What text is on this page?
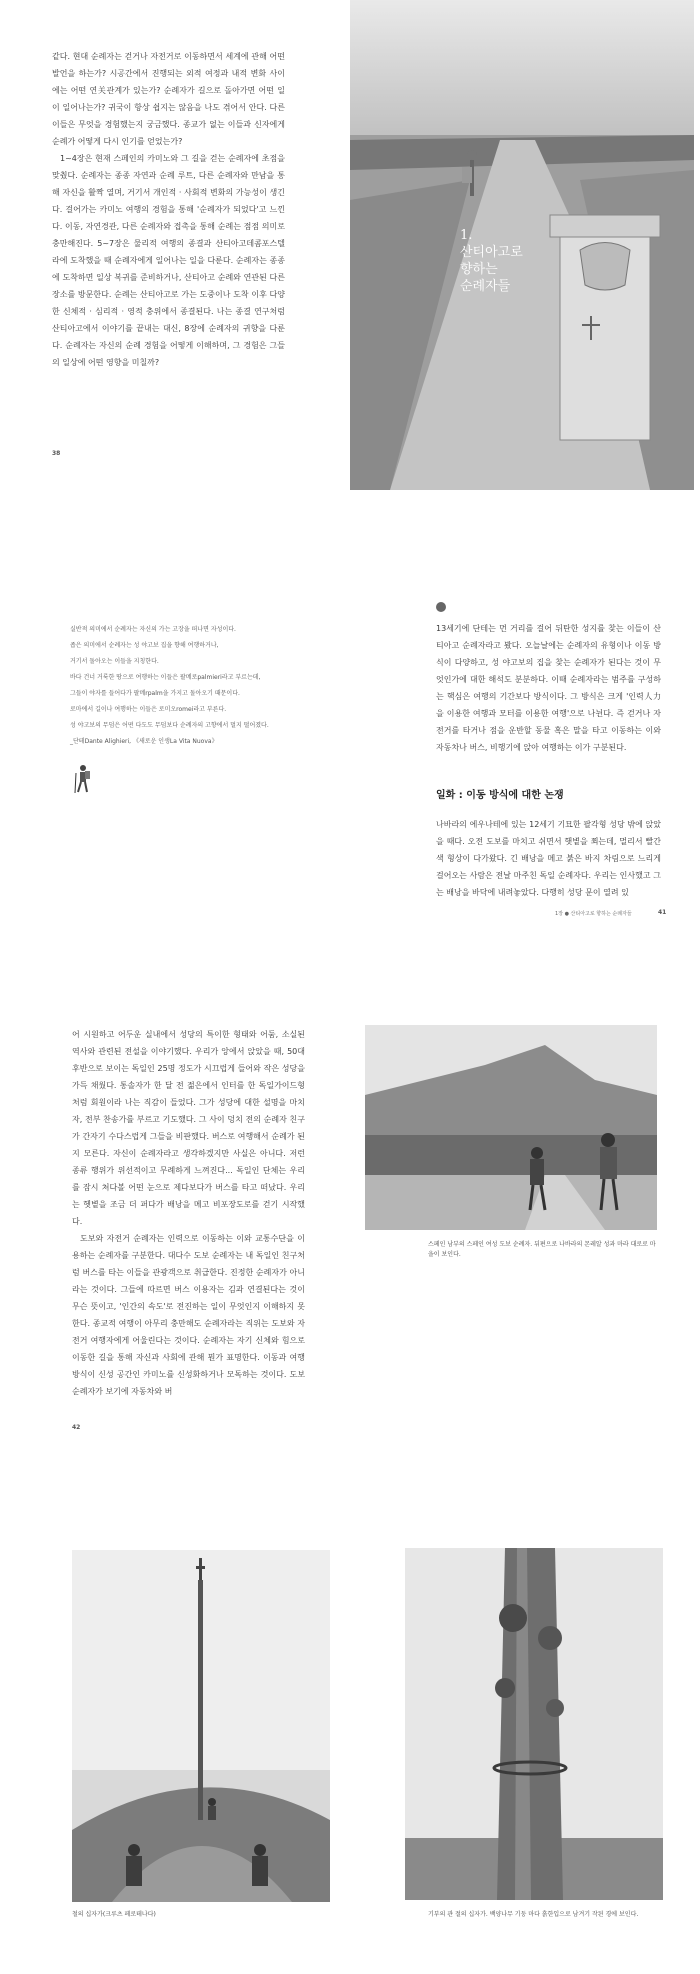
같다. 현대 순례자는 걷거나 자전거로 이동하면서 세계에 관해 어떤 발언을 하는가? 시공간에서 진행되는 외적 여정과 내적 변화 사이에는 어떤 연关관계가 있는가? 순례자가 길으로 돌아가면 어떤 일이 일어나는가? 귀국이 항상 쉽지는 않음을 나도 겪어서 안다. 다른 이들은 무엇을 경험했는지 궁금했다. 종교가 없는 이들과 신자에게 순례가 어떻게 다시 인기를 얻었는가?

1~4장은 현재 스페인의 카미노와 그 길을 걷는 순례자에 초점을 맞췄다. 순례자는 종종 자연과 순례 루트, 다른 순례자와 만남을 통해 자신을 활짝 열며, 거기서 개인적 · 사회적 변화의 가능성이 생긴다. 걸어가는 카미노 여행의 경험을 통해 '순례자가 되었다'고 느낀다. 이동, 자연경관, 다른 순례자와 접촉을 통해 순례는 점점 의미로 충만해진다. 5~7장은 물리적 여행의 종결과 산티아고데콤포스텔라에 도착했을 때 순례자에게 일어나는 일을 다룬다. 순례자는 종종에 도착하면 일상 복귀를 준비하거나, 산티아고 순례와 연관된 다른 장소를 방문한다. 순례는 산티아고로 가는 도중이나 도착 이후 다양한 신체적 · 심리적 · 영적 충위에서 종결된다. 나는 종결 연구처럼 산티아고에서 이야기를 끝내는 대신, 8장에 순례자의 귀향을 다룬다. 순례자는 자신의 순례 경험을 어떻게 이해하며, 그 경험은 그들의 일상에 어떤 영향을 미칠까?

38
1.
산티아고로
향하는
순례자들

실반적 의미에서 순례자는 자신의 가는 고장을 떠나면 자성이다.

좁은 의미에서 순례자는 성 야고보 집을 향해 여행하거나,

거기서 돌아오는 이들을 지칭한다.

바다 건너 거룩한 땅으로 여행하는 이들은 팔메로palmieri라고 부르는데,

그들이 야자를 들어다가 팔메rpalm을 가지고 돌아오기 때문이다.

로마에서 길이나 여행하는 이들은 로미오romei라고 부른다.

성 야고보의 무덤은 어떤 다도도 무덤보다 순례자의 고향에서 멀지 떨어졌다.

_단테Dante Alighieri, 《새로운 인생La Vita Nuova》

13세기에 단테는 먼 거리를 걸어 뒤탄한 성지를 찾는 이들이 산티아고 순례자라고 봤다. 오늘날에는 순례자의 유형이나 이동 방식이 다양하고, 성 야고보의 집을 찾는 순례자가 된다는 것이 무엇인가에 대한 해석도 분분하다. 이때 순례자라는 범주를 구성하는 핵심은 여행의 기간보다 방식이다. 그 방식은 크게 '인력人力을 이용한 여행과 모터를 이용한 여행'으로 나뉜다. 즉 걷거나 자전거를 타거나 점을 운반할 동물 혹은 말을 타고 이동하는 이와 자동차나 버스, 비행기에 앉아 여행하는 이가 구분된다.
일화 : 이동 방식에 대한 논쟁
나바라의 에우나테에 있는 12세기 기묘한 팔각형 성당 밖에 앉았을 때다. 오전 도보를 마치고 쉬면서 햇볕을 쬐는데, 멀리서 빨간색 형상이 다가왔다. 긴 배낭을 메고 붉은 바지 차림으로 느리게 걸어오는 사람은 전날 마주친 독일 순례자다. 우리는 인사했고 그는 배낭을 바닥에 내려놓았다. 다행히 성당 문이 열려 있
1장 ● 산티아고로 향하는 순례자들	41

어 시원하고 어두운 실내에서 성당의 특이한 형태와 어둠, 소실된 역사와 관련된 전설을 이야기했다. 우리가 앙에서 앉았을 때, 50대 후반으로 보이는 독일인 25명 정도가 시끄럽게 들어와 작은 성당을 가득 채웠다. 통솔자가 한 달 전 젊은에서 인터를 한 독일가이드형처럼 회원이라 나는 직감이 들었다. 그가 성당에 대한 설명을 마치자, 전부 찬송가를 부르고 기도했다. 그 사이 덩치 전의 순례자 친구가 간자기 수다스럽게 그들을 비판했다. 버스로 여행해서 순례가 된지 모른다. 자신이 순례자라고 생각하겠지만 사실은 아니다. 저런 종류 행위가 위선적이고 무례하게 느껴진다... 독일인 단체는 우리를 잠시 쳐다볼 어떤 눈으로 제다보다가 버스를 타고 떠났다. 우리는 헷볕을 조금 더 퍼다가 배낭을 메고 비포장도로를 걷기 시작했다.

도보와 자전거 순례자는 인력으로 이동하는 이와 교통수단을 이용하는 순례자를 구분한다. 대다수 도보 순례자는 내 독일인 친구처럼 버스를 타는 이들을 관광객으로 취급한다. 진정한 순례자가 아니라는 것이다. 그들에 따르면 버스 이용자는 김과 연결된다는 것이 무슨 뜻이고, '인간의 속도'로 전진하는 일이 무엇인지 이해하지 못한다. 종교적 여행이 아무리 충만해도 순례자라는 직위는 도보와 자전거 여행자에게 어울린다는 것이다. 순례자는 자기 신체와 힘으로 이동한 길을 통해 자신과 사회에 관해 뭔가 표명한다. 이동과 여행 방식이 신성 공간인 카미노를 신성화하거나 모독하는 것이다. 도보 순례자가 보기에 자동차와 버

42
스페인 남부의 스페인 여성 도보 순례자. 뒤편으로 나바라의 몬레알 성과 마라 대로로 마을이 보인다.
철의 십자가(크루츠 페로테나다)	기부의 관 절의 십자가. 백양나무 기둥 마다 흙한입으로 남겨기 작된 경에 보인다.
